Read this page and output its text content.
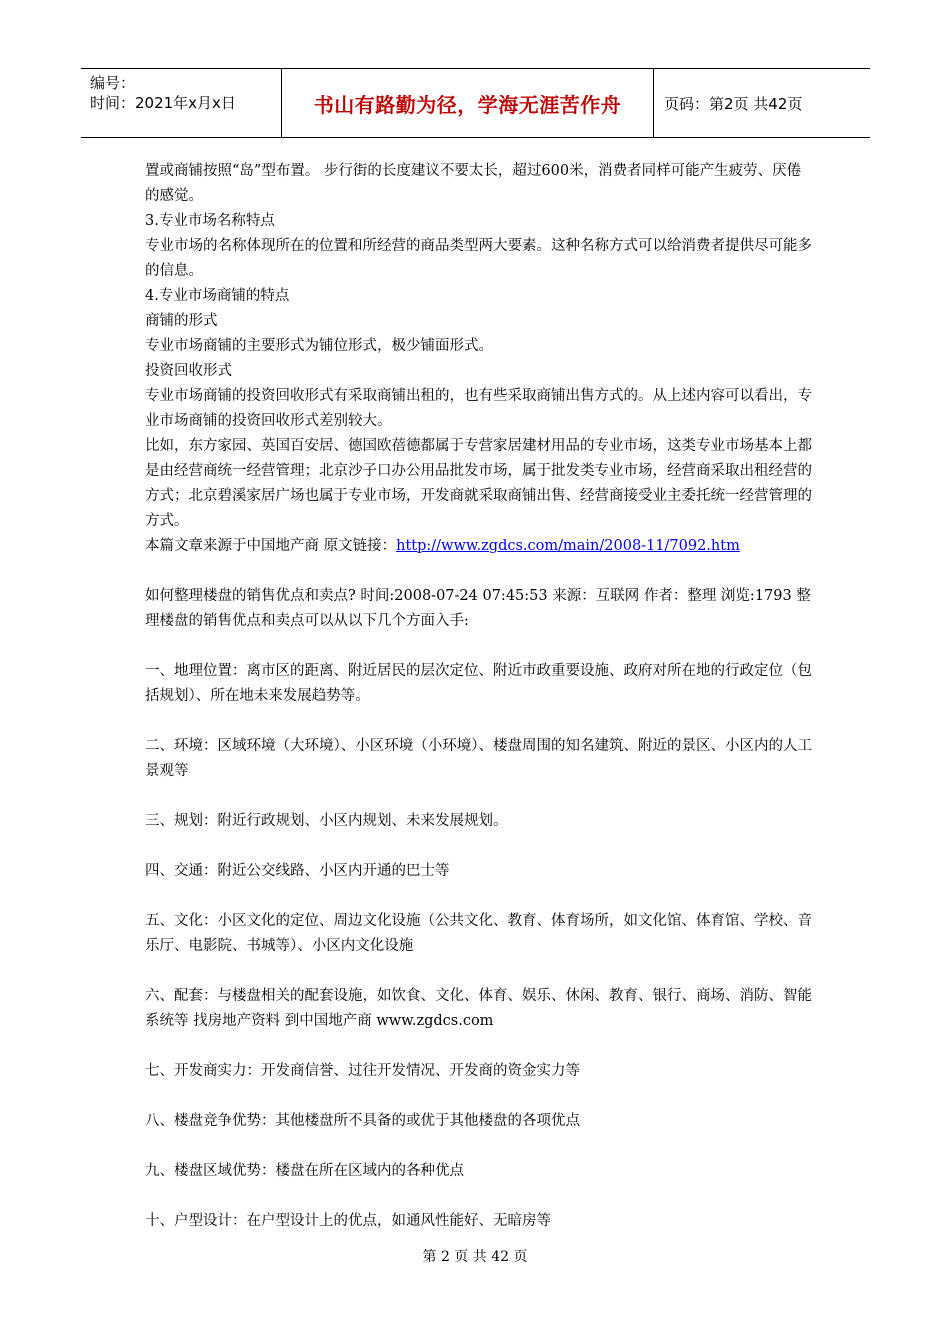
编号：
时间：2021年x月x日	书山有路勤为径，学海无涯苦作舟	页码：第2页 共42页

置或商铺按照“岛”型布置。 步行街的长度建议不要太长，超过600米，消费者同样可能产生疲劳、厌倦的感觉。

3.专业市场名称特点

专业市场的名称体现所在的位置和所经营的商品类型两大要素。这种名称方式可以给消费者提供尽可能多的信息。

4.专业市场商铺的特点

商铺的形式

专业市场商铺的主要形式为铺位形式，极少铺面形式。

投资回收形式

专业市场商铺的投资回收形式有采取商铺出租的，也有些采取商铺出售方式的。从上述内容可以看出，专业市场商铺的投资回收形式差别较大。

比如，东方家园、英国百安居、德国欧蓓德都属于专营家居建材用品的专业市场，这类专业市场基本上都是由经营商统一经营管理；北京沙子口办公用品批发市场，属于批发类专业市场，经营商采取出租经营的方式；北京碧溪家居广场也属于专业市场，开发商就采取商铺出售、经营商接受业主委托统一经营管理的方式。

本篇文章来源于中国地产商 原文链接：http://www.zgdcs.com/main/2008-11/7092.htm

如何整理楼盘的销售优点和卖点? 时间:2008-07-24 07:45:53 来源：互联网 作者：整理 浏览:1793 整理楼盘的销售优点和卖点可以从以下几个方面入手:

一、地理位置：离市区的距离、附近居民的层次定位、附近市政重要设施、政府对所在地的行政定位（包括规划）、所在地未来发展趋势等。

二、环境：区域环境（大环境）、小区环境（小环境）、楼盘周围的知名建筑、附近的景区、小区内的人工景观等

三、规划：附近行政规划、小区内规划、未来发展规划。

四、交通：附近公交线路、小区内开通的巴士等

五、文化：小区文化的定位、周边文化设施（公共文化、教育、体育场所，如文化馆、体育馆、学校、音乐厅、电影院、书城等）、小区内文化设施

六、配套：与楼盘相关的配套设施，如饮食、文化、体育、娱乐、休闲、教育、银行、商场、消防、智能系统等 找房地产资料 到中国地产商 www.zgdcs.com

七、开发商实力：开发商信誉、过往开发情况、开发商的资金实力等

八、楼盘竞争优势：其他楼盘所不具备的或优于其他楼盘的各项优点

九、楼盘区域优势：楼盘在所在区域内的各种优点

十、户型设计：在户型设计上的优点，如通风性能好、无暗房等

第 2 页 共 42 页
